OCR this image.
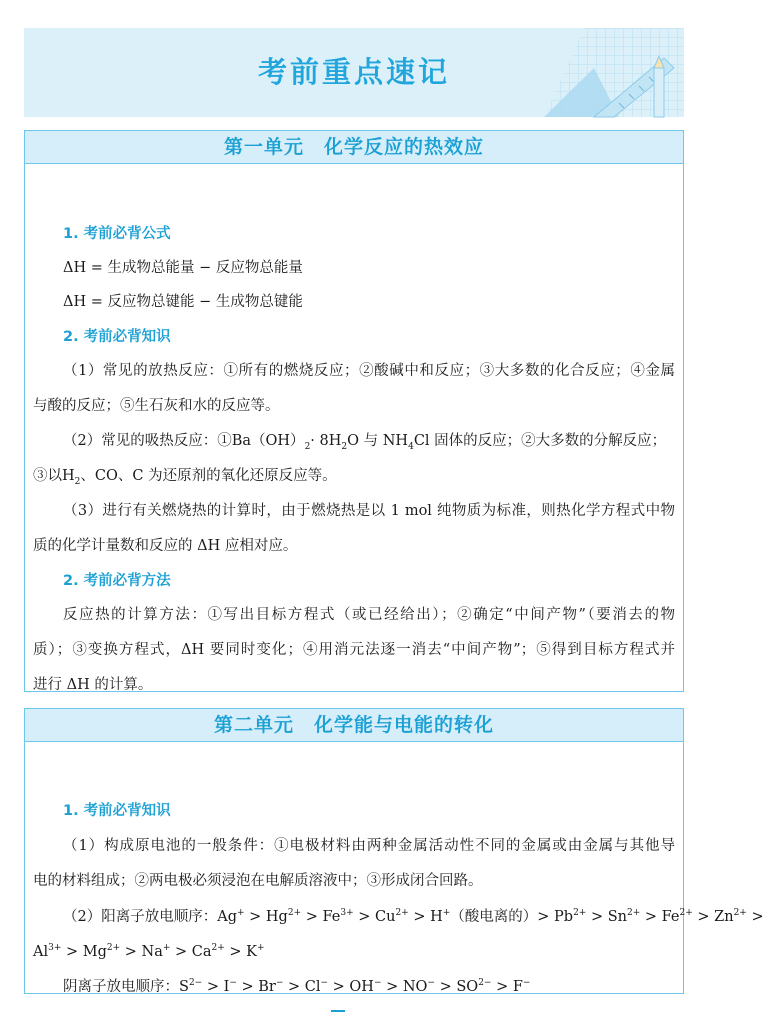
考前重点速记
第一单元　化学反应的热效应
1. 考前必背公式
ΔH = 生成物总能量 − 反应物总能量
ΔH = 反应物总键能 − 生成物总键能
2. 考前必背知识
（1）常见的放热反应：①所有的燃烧反应；②酸碱中和反应；③大多数的化合反应；④金属
与酸的反应；⑤生石灰和水的反应等。
（2）常见的吸热反应：$①Ba(OH)_2\cdot 8H_2O$ 与 $NH_4Cl$ 固体的反应；②大多数的分解反应；
③以$H_2$、CO、C 为还原剂的氧化还原反应等。
（3）进行有关燃烧热的计算时，由于燃烧热是以 1 mol 纯物质为标准，则热化学方程式中物
质的化学计量数和反应的 ΔH 应相对应。
2. 考前必背方法
反应热的计算方法：①写出目标方程式（或已经给出）；②确定“中间产物”（要消去的物
质）；③变换方程式，ΔH 要同时变化；④用消元法逐一消去“中间产物”；⑤得到目标方程式并
进行 ΔH 的计算。
第二单元　化学能与电能的转化
1. 考前必背知识
（1）构成原电池的一般条件：①电极材料由两种金属活动性不同的金属或由金属与其他导
电的材料组成；②两电极必须浸泡在电解质溶液中；③形成闭合回路。
（2）阳离子放电顺序：$Ag^+ > Hg^{2+} > Fe^{3+} > Cu^{2+} > H^+$（酸电离的）> $Pb^{2+} > Sn^{2+} > Fe^{2+} > Zn^{2+}$ >
$Al^{3+} > Mg^{2+} > Na^+ > Ca^{2+} > K^+$
阴离子放电顺序：$S^{2-} > I^- > Br^- > Cl^- > OH^- > NO^- > SO^{2-} > F^-$
